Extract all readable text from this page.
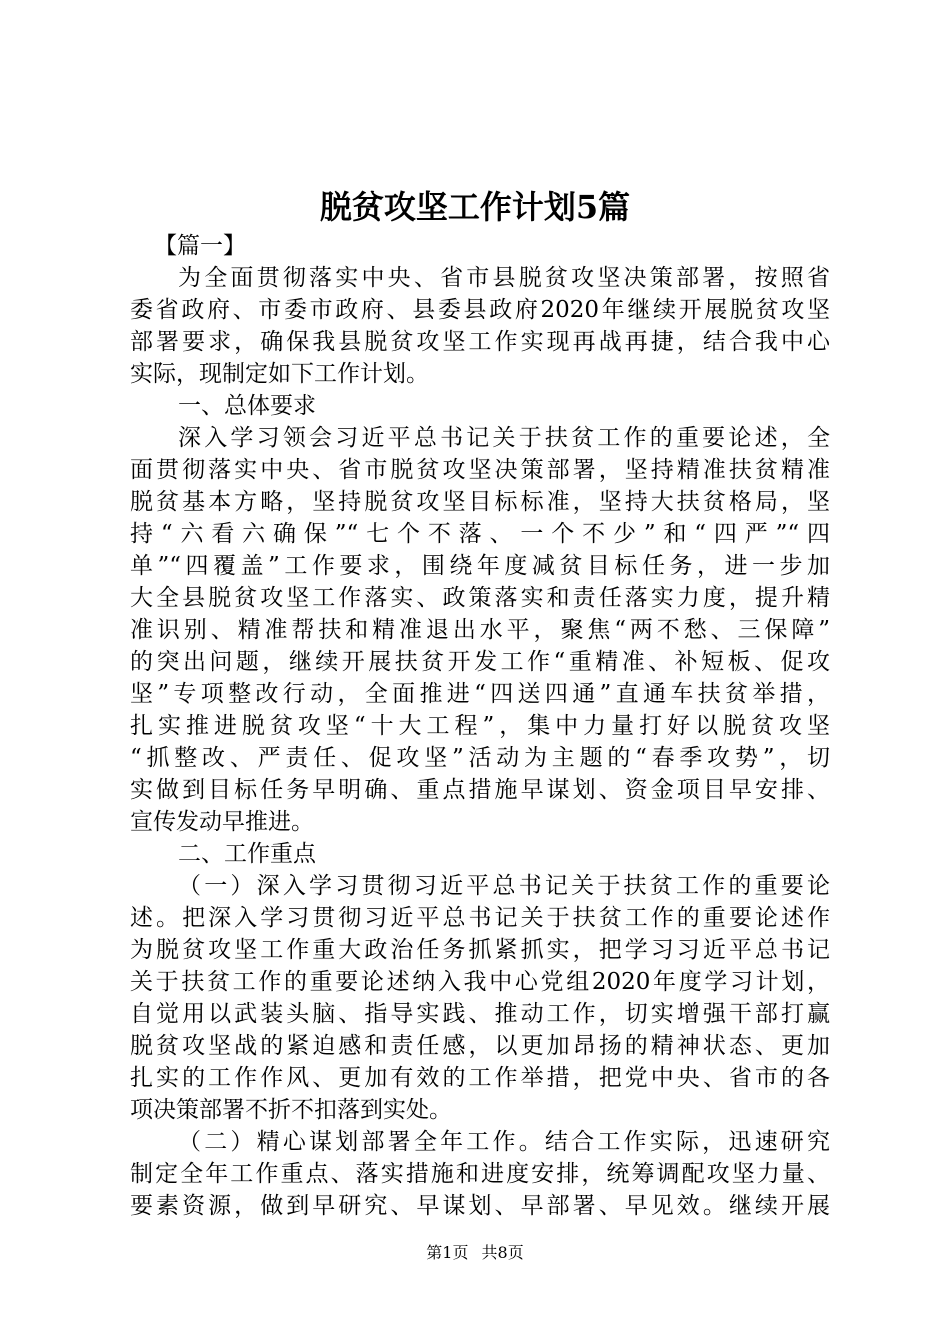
脱贫攻坚工作计划5篇
【篇一】
为全面贯彻落实中央、省市县脱贫攻坚决策部署，按照省
委省政府、市委市政府、县委县政府2020年继续开展脱贫攻坚
部署要求，确保我县脱贫攻坚工作实现再战再捷，结合我中心
实际，现制定如下工作计划。
一、总体要求
深入学习领会习近平总书记关于扶贫工作的重要论述，全
面贯彻落实中央、省市脱贫攻坚决策部署，坚持精准扶贫精准
脱贫基本方略，坚持脱贫攻坚目标标准，坚持大扶贫格局，坚
持“六看六确保”“七个不落、一个不少”和“四严”“四
单”“四覆盖”工作要求，围绕年度减贫目标任务，进一步加
大全县脱贫攻坚工作落实、政策落实和责任落实力度，提升精
准识别、精准帮扶和精准退出水平，聚焦“两不愁、三保障”
的突出问题，继续开展扶贫开发工作“重精准、补短板、促攻
坚”专项整改行动，全面推进“四送四通”直通车扶贫举措，
扎实推进脱贫攻坚“十大工程”，集中力量打好以脱贫攻坚
“抓整改、严责任、促攻坚”活动为主题的“春季攻势”，切
实做到目标任务早明确、重点措施早谋划、资金项目早安排、
宣传发动早推进。
二、工作重点
（一）深入学习贯彻习近平总书记关于扶贫工作的重要论
述。把深入学习贯彻习近平总书记关于扶贫工作的重要论述作
为脱贫攻坚工作重大政治任务抓紧抓实，把学习习近平总书记
关于扶贫工作的重要论述纳入我中心党组2020年度学习计划，
自觉用以武装头脑、指导实践、推动工作，切实增强干部打赢
脱贫攻坚战的紧迫感和责任感，以更加昂扬的精神状态、更加
扎实的工作作风、更加有效的工作举措，把党中央、省市的各
项决策部署不折不扣落到实处。
（二）精心谋划部署全年工作。结合工作实际，迅速研究
制定全年工作重点、落实措施和进度安排，统筹调配攻坚力量、
要素资源，做到早研究、早谋划、早部署、早见效。继续开展
第1页 共8页
